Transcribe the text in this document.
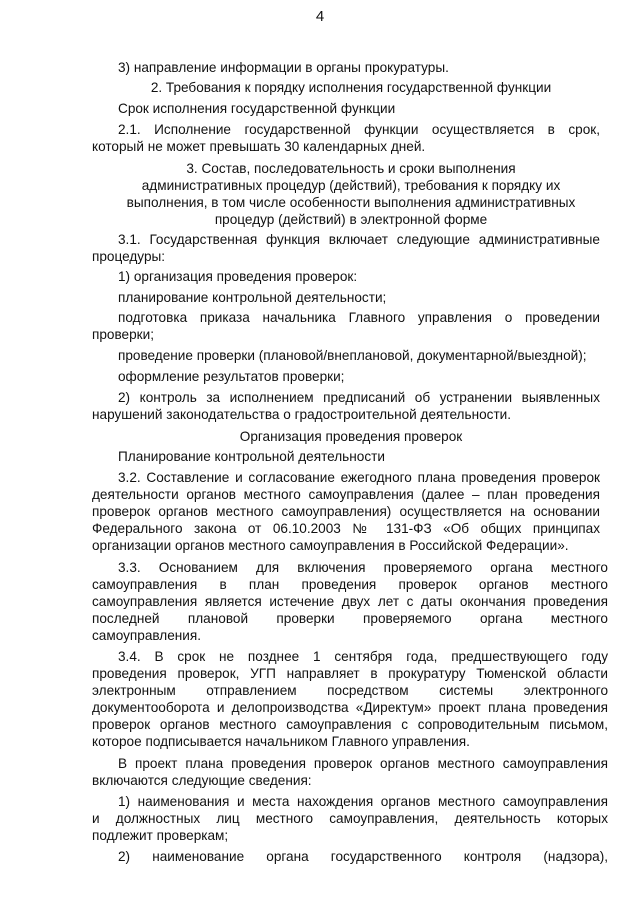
4
3) направление информации в органы прокуратуры.
2. Требования к порядку исполнения государственной функции
Срок исполнения государственной функции
2.1. Исполнение государственной функции осуществляется в срок,
который не может превышать 30 календарных дней.
3. Состав, последовательность и сроки выполнения
административных процедур (действий), требования к порядку их
выполнения, в том числе особенности выполнения административных
процедур (действий) в электронной форме
3.1. Государственная функция включает следующие административные
процедуры:
1) организация проведения проверок:
планирование контрольной деятельности;
подготовка приказа начальника Главного управления о проведении
проверки;
проведение проверки (плановой/внеплановой, документарной/выездной);
оформление результатов проверки;
2) контроль за исполнением предписаний об устранении выявленных
нарушений законодательства о градостроительной деятельности.
Организация проведения проверок
Планирование контрольной деятельности
3.2. Составление и согласование ежегодного плана проведения проверок
деятельности органов местного самоуправления (далее – план проведения
проверок органов местного самоуправления) осуществляется на основании
Федерального закона от 06.10.2003 № 131-ФЗ «Об общих принципах
организации органов местного самоуправления в Российской Федерации».
3.3. Основанием для включения проверяемого органа местного
самоуправления в план проведения проверок органов местного
самоуправления является истечение двух лет с даты окончания проведения
последней плановой проверки проверяемого органа местного
самоуправления.
3.4. В срок не позднее 1 сентября года, предшествующего году
проведения проверок, УГП направляет в прокуратуру Тюменской области
электронным отправлением посредством системы электронного
документооборота и делопроизводства «Директум» проект плана проведения
проверок органов местного самоуправления с сопроводительным письмом,
которое подписывается начальником Главного управления.
В проект плана проведения проверок органов местного самоуправления
включаются следующие сведения:
1) наименования и места нахождения органов местного самоуправления
и должностных лиц местного самоуправления, деятельность которых
подлежит проверкам;
2) наименование органа государственного контроля (надзора),
